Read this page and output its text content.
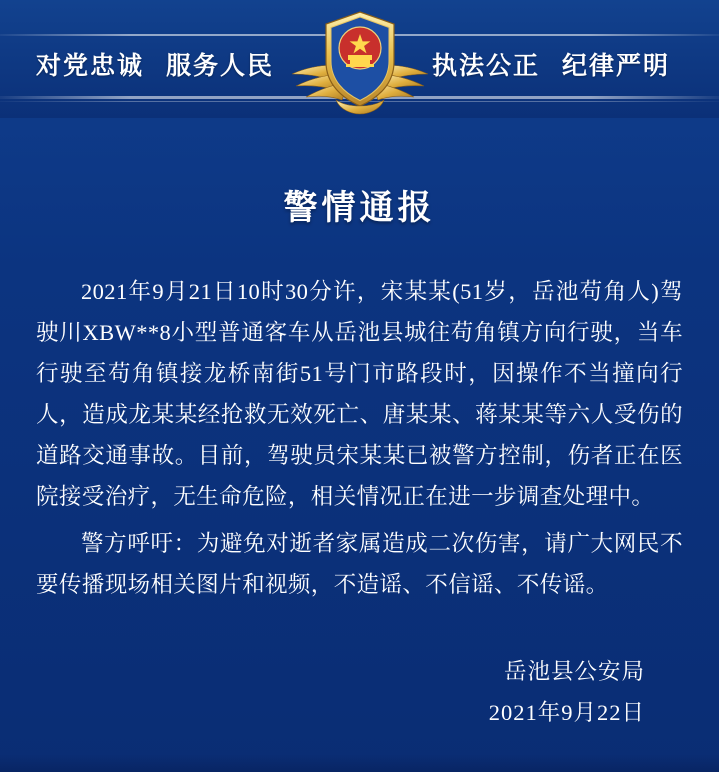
对党忠诚 服务人民	执法公正 纪律严明
警情通报

2021年9月21日10时30分许，宋某某(51岁，岳池苟角人)驾驶川XBW**8小型普通客车从岳池县城往苟角镇方向行驶，当车行驶至苟角镇接龙桥南街51号门市路段时，因操作不当撞向行人，造成龙某某经抢救无效死亡、唐某某、蒋某某等六人受伤的道路交通事故。目前，驾驶员宋某某已被警方控制，伤者正在医院接受治疗，无生命危险，相关情况正在进一步调查处理中。

警方呼吁：为避免对逝者家属造成二次伤害，请广大网民不要传播现场相关图片和视频，不造谣、不信谣、不传谣。

岳池县公安局
2021年9月22日
